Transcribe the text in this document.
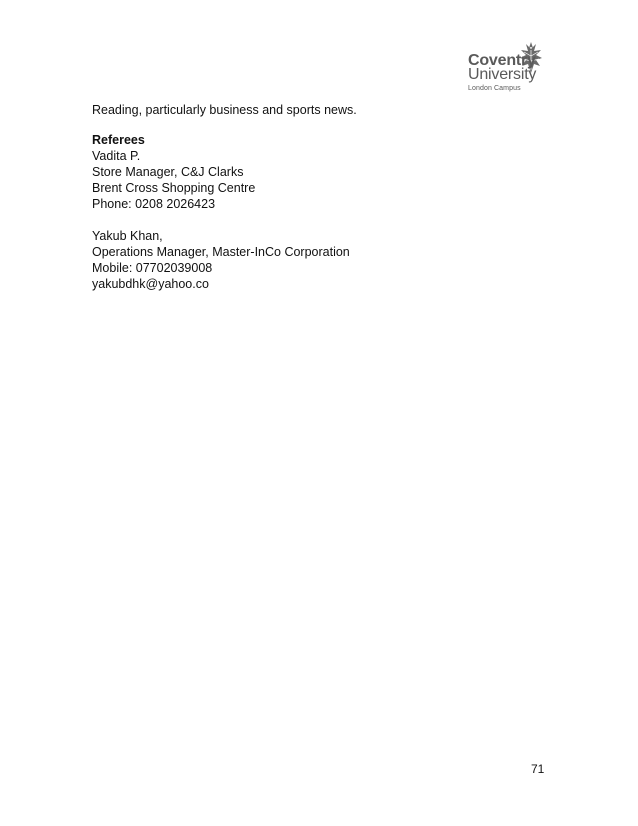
Coventry
University
London Campus
Reading, particularly business and sports news.
Referees
Vadita P.
Store Manager, C&J Clarks
Brent Cross Shopping Centre
Phone: 0208 2026423
Yakub Khan,
Operations Manager, Master-InCo Corporation
Mobile: 07702039008
yakubdhk@yahoo.co
71
